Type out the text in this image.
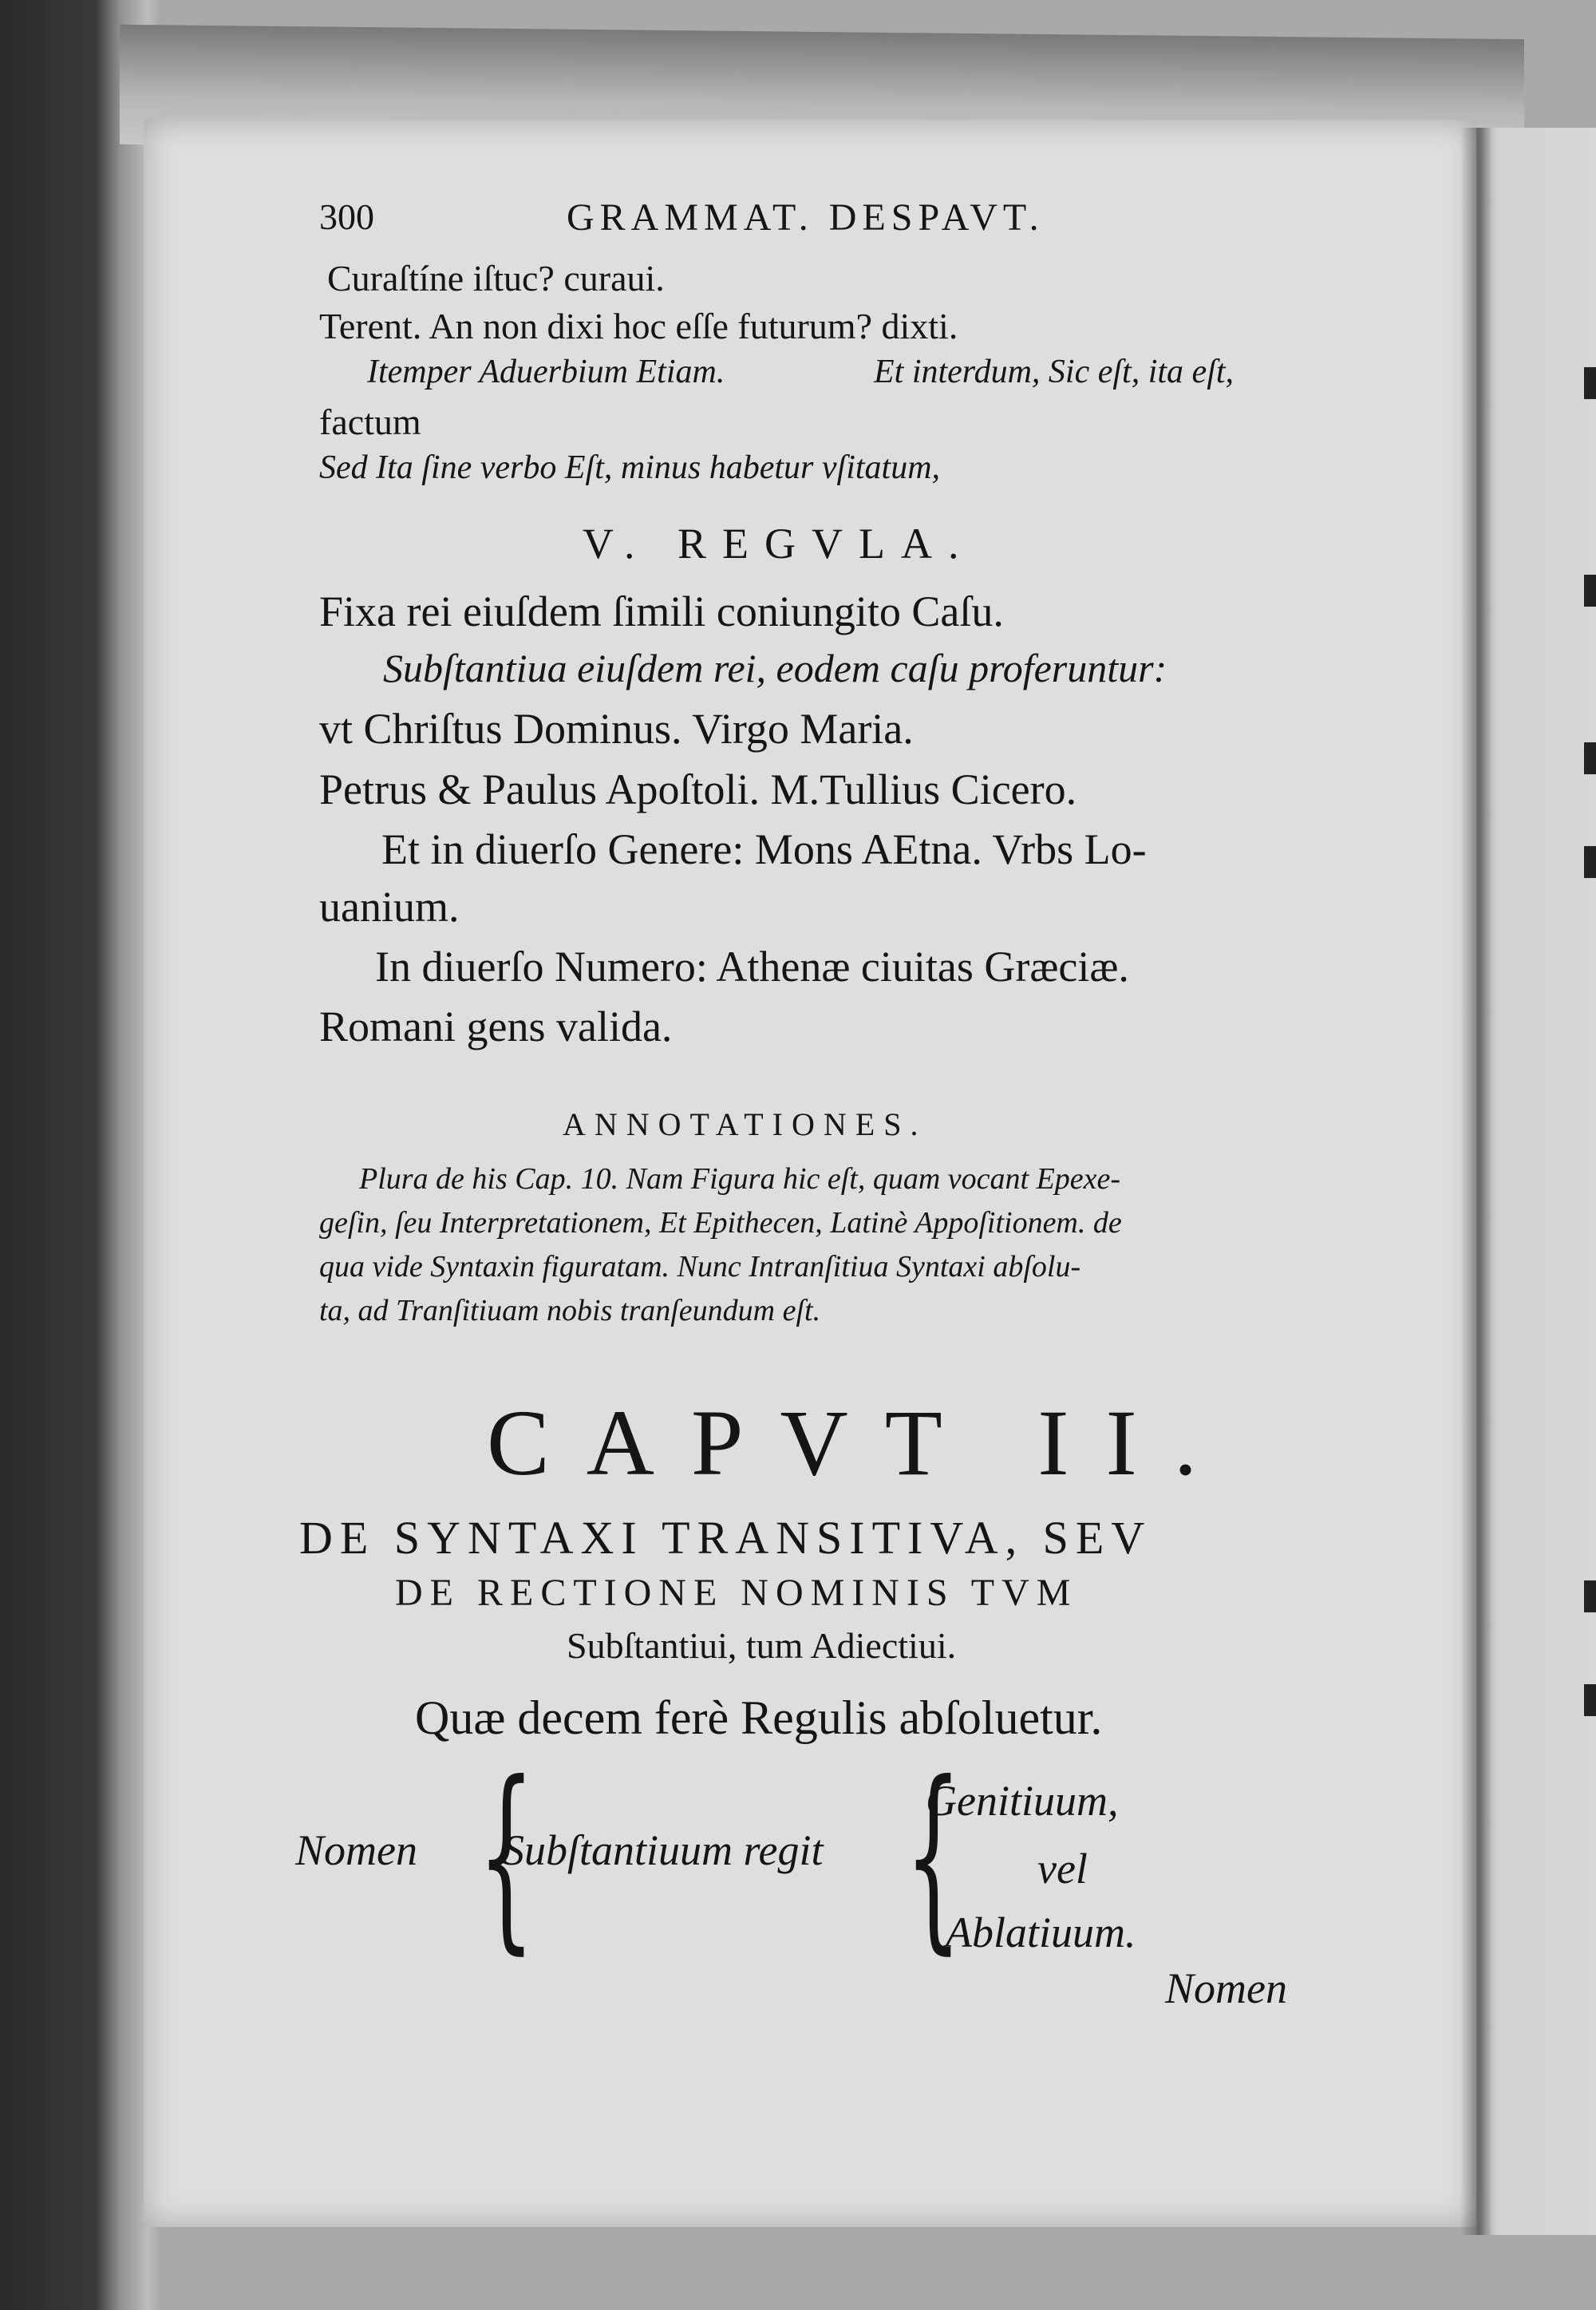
300	GRAMMAT. DESPAVT.
Curaſtíne iſtuc? curaui.
Terent. An non dixi hoc eſſe futurum? dixti.
Itemper Aduerbium Etiam.	Et interdum, Sic eſt, ita eſt,
factum
Sed Ita ſine verbo Eſt, minus habetur vſitatum,
V. REGVLA.
Fixa rei eiuſdem ſimili coniungito Caſu.
Subſtantiua eiuſdem rei, eodem caſu proferuntur:
vt Chriſtus Dominus. Virgo Maria.
Petrus & Paulus Apoſtoli. M.Tullius Cicero.
Et in diuerſo Genere: Mons AEtna. Vrbs Lo-
uanium.
In diuerſo Numero: Athenæ ciuitas Græciæ.
Romani gens valida.
ANNOTATIONES.
Plura de his Cap. 10. Nam Figura hic eſt, quam vocant Epexe-
geſin, ſeu Interpretationem, Et Epithecen, Latinè Appoſitionem. de
qua vide Syntaxin figuratam. Nunc Intranſitiua Syntaxi abſolu-
ta, ad Tranſitiuam nobis tranſeundum eſt.
CAPVT II.
DE SYNTAXI TRANSITIVA, SEV
DE RECTIONE NOMINIS TVM
Subſtantiui, tum Adiectiui.
Quæ decem ferè Regulis abſoluetur.
Nomen {
Subſtantiuum regit {
Genitiuum,
vel
Ablatiuum.
Nomen
